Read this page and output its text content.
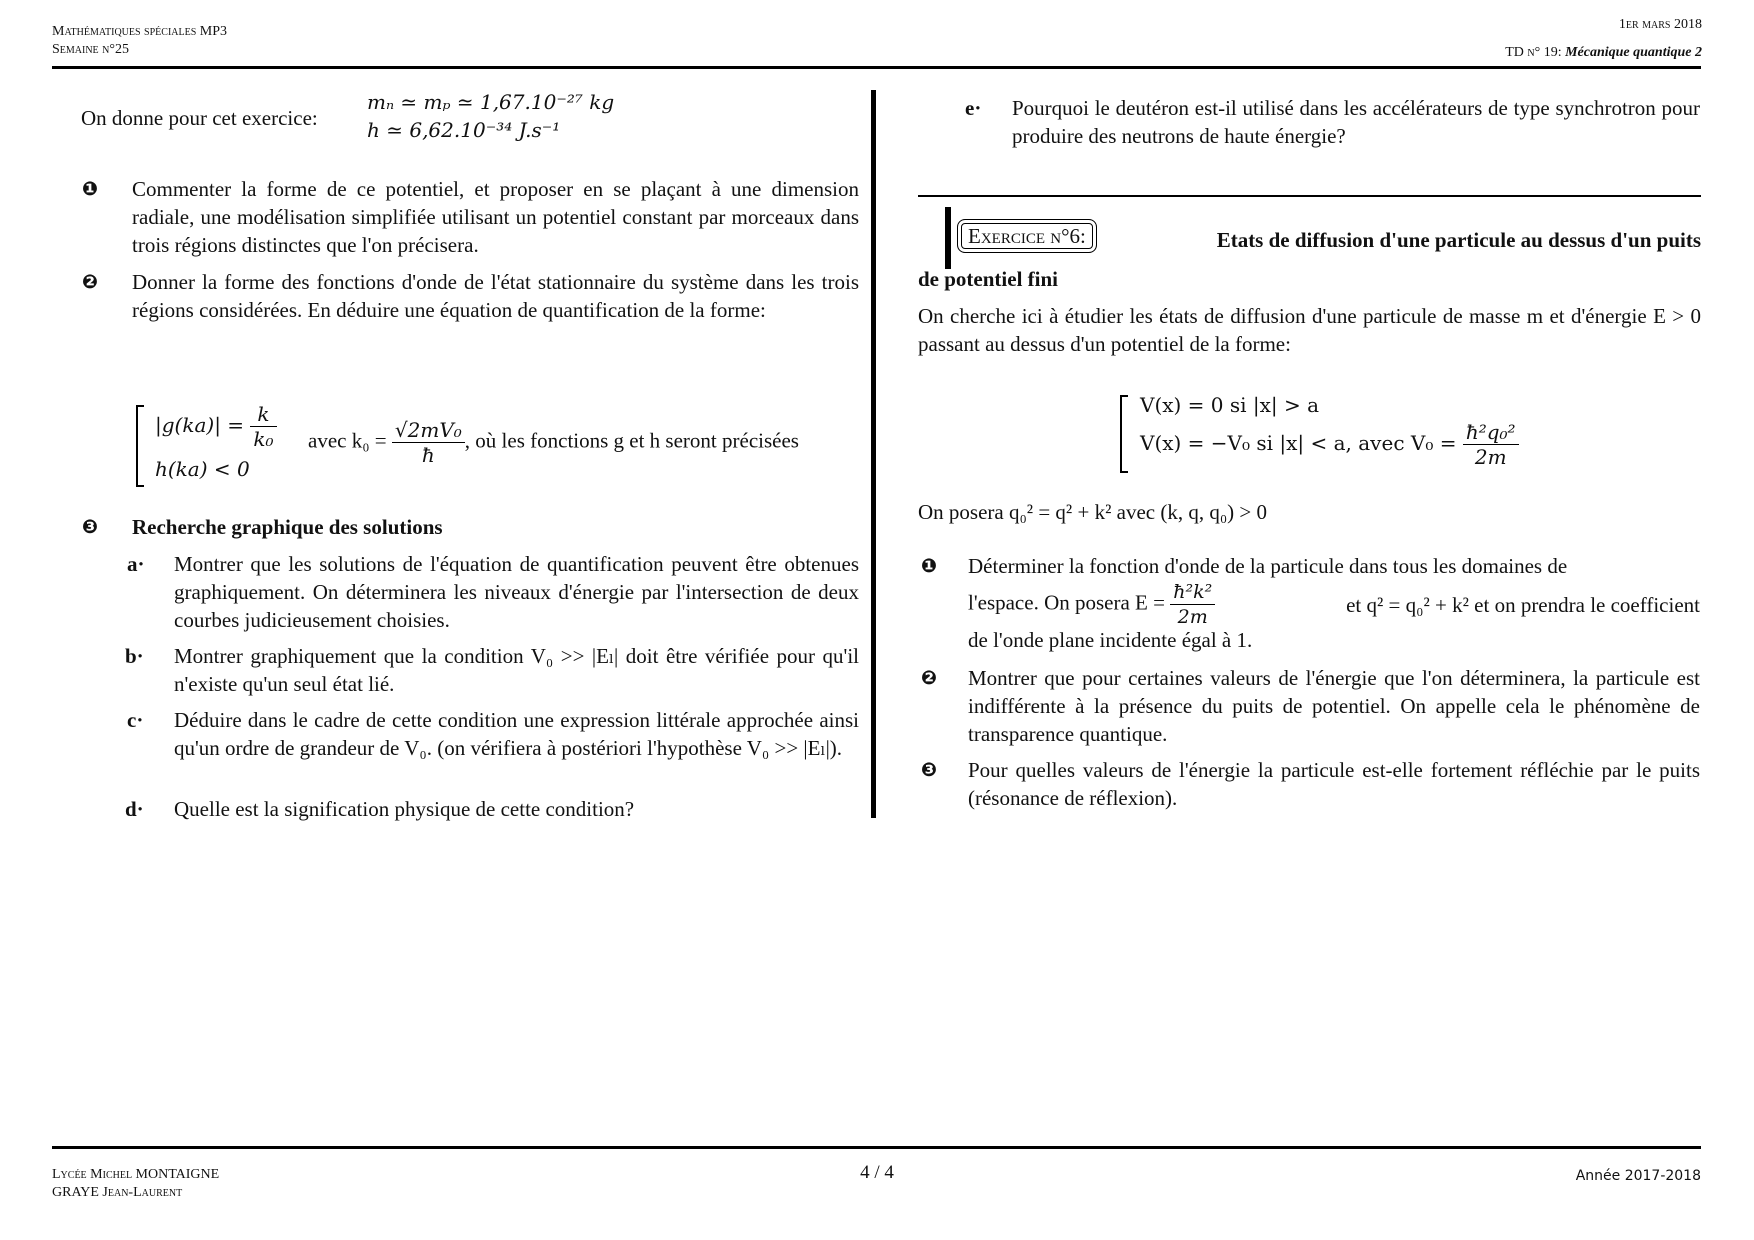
Mathématiques spéciales MP3
Semaine n°25
1er mars 2018
TD n° 19: Mécanique quantique 2
On donne pour cet exercice:
mₙ ≃ mₚ ≃ 1,67.10⁻²⁷ kg
h ≃ 6,62.10⁻³⁴ J.s⁻¹
❶ Commenter la forme de ce potentiel, et proposer en se plaçant à une dimension radiale, une modélisation simplifiée utilisant un potentiel constant par morceaux dans trois régions distinctes que l'on précisera.
❷ Donner la forme des fonctions d'onde de l'état stationnaire du système dans les trois régions considérées. En déduire une équation de quantification de la forme:
$|g(ka)| = \frac{k}{\text{k₀}}$
h(ka) < 0
avec $k_0 = \frac{\text{√2mV₀}}{ħ}$ , où les fonctions g et h seront précisées
❸ Recherche graphique des solutions
a· Montrer que les solutions de l'équation de quantification peuvent être obtenues graphiquement. On déterminera les niveaux d'énergie par l'intersection de deux courbes judicieusement choisies.
b· Montrer graphiquement que la condition V₀ >> |Eₗ| doit être vérifiée pour qu'il n'existe qu'un seul état lié.
c· Déduire dans le cadre de cette condition une expression littérale approchée ainsi qu'un ordre de grandeur de V₀. (on vérifiera à postériori l'hypothèse V₀ >> |Eₗ|).
d· Quelle est la signification physique de cette condition?
e· Pourquoi le deutéron est-il utilisé dans les accélérateurs de type synchrotron pour produire des neutrons de haute énergie?
Exercice n°6:	Etats de diffusion d'une particule au dessus d'un puits
de potentiel fini
On cherche ici à étudier les états de diffusion d'une particule de masse m et d'énergie E > 0 passant au dessus d'un potentiel de la forme:
V(x) = 0 si |x| > a
V(x) = −V₀ si |x| < a, avec $V_0 = \frac{\text{ħ²q₀²}}{2m}$
On posera q₀² = q² + k² avec (k, q, q₀) > 0
❶ Déterminer la fonction d'onde de la particule dans tous les domaines de
l'espace. On posera $E = \frac{\text{ħ²k²}}{2m}$	et q² = q₀² + k² et on prendra le coefficient
de l'onde plane incidente égal à 1.
❷ Montrer que pour certaines valeurs de l'énergie que l'on déterminera, la particule est indifférente à la présence du puits de potentiel. On appelle cela le phénomène de transparence quantique.
❸ Pour quelles valeurs de l'énergie la particule est-elle fortement réfléchie par le puits (résonance de réflexion).
Lycée Michel MONTAIGNE
GRAYE Jean-Laurent
4 / 4	Année 2017-2018
